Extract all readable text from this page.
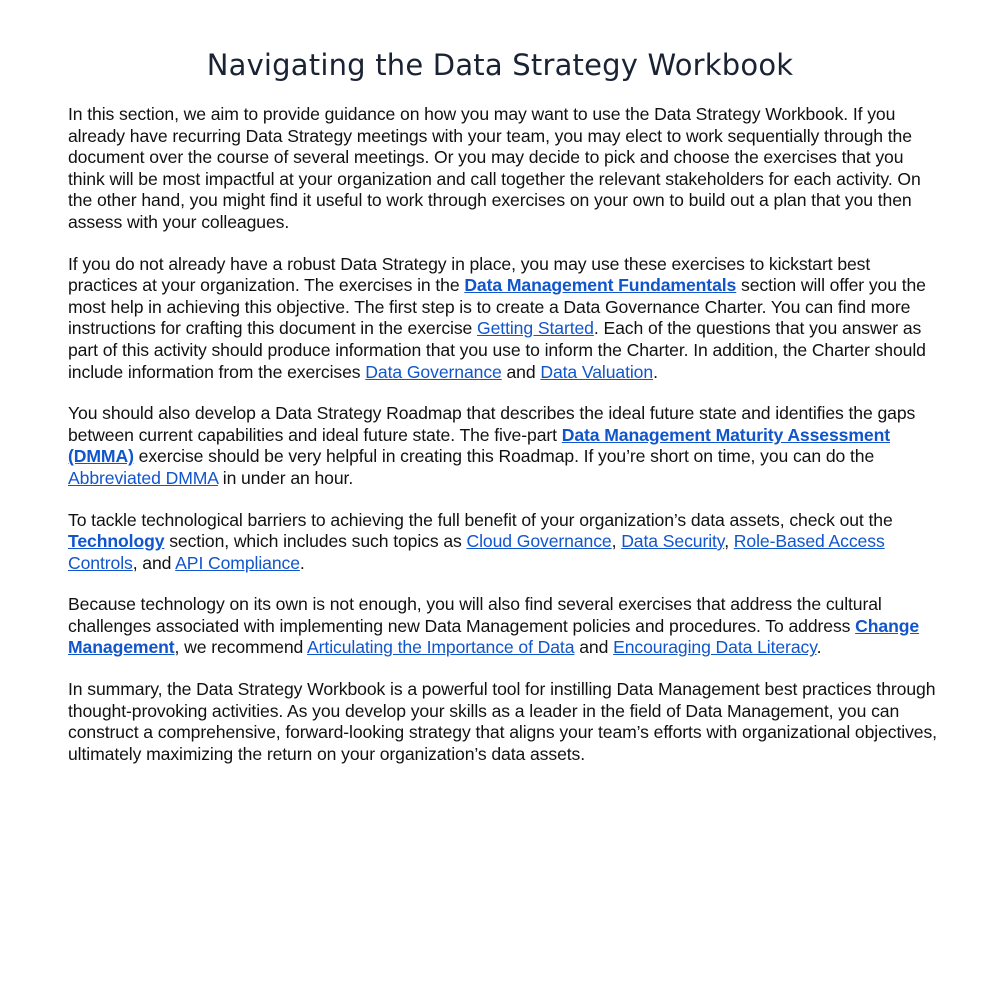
Navigating the Data Strategy Workbook

In this section, we aim to provide guidance on how you may want to use the Data Strategy Workbook. If you already have recurring Data Strategy meetings with your team, you may elect to work sequentially through the document over the course of several meetings. Or you may decide to pick and choose the exercises that you think will be most impactful at your organization and call together the relevant stakeholders for each activity. On the other hand, you might find it useful to work through exercises on your own to build out a plan that you then assess with your colleagues.

If you do not already have a robust Data Strategy in place, you may use these exercises to kickstart best practices at your organization. The exercises in the Data Management Fundamentals section will offer you the most help in achieving this objective. The first step is to create a Data Governance Charter. You can find more instructions for crafting this document in the exercise Getting Started. Each of the questions that you answer as part of this activity should produce information that you use to inform the Charter. In addition, the Charter should include information from the exercises Data Governance and Data Valuation.

You should also develop a Data Strategy Roadmap that describes the ideal future state and identifies the gaps between current capabilities and ideal future state. The five-part Data Management Maturity Assessment (DMMA) exercise should be very helpful in creating this Roadmap. If you’re short on time, you can do the Abbreviated DMMA in under an hour.

To tackle technological barriers to achieving the full benefit of your organization’s data assets, check out the Technology section, which includes such topics as Cloud Governance, Data Security, Role-Based Access Controls, and API Compliance.

Because technology on its own is not enough, you will also find several exercises that address the cultural challenges associated with implementing new Data Management policies and procedures. To address Change Management, we recommend Articulating the Importance of Data and Encouraging Data Literacy.

In summary, the Data Strategy Workbook is a powerful tool for instilling Data Management best practices through thought-provoking activities. As you develop your skills as a leader in the field of Data Management, you can construct a comprehensive, forward-looking strategy that aligns your team’s efforts with organizational objectives, ultimately maximizing the return on your organization’s data assets.
